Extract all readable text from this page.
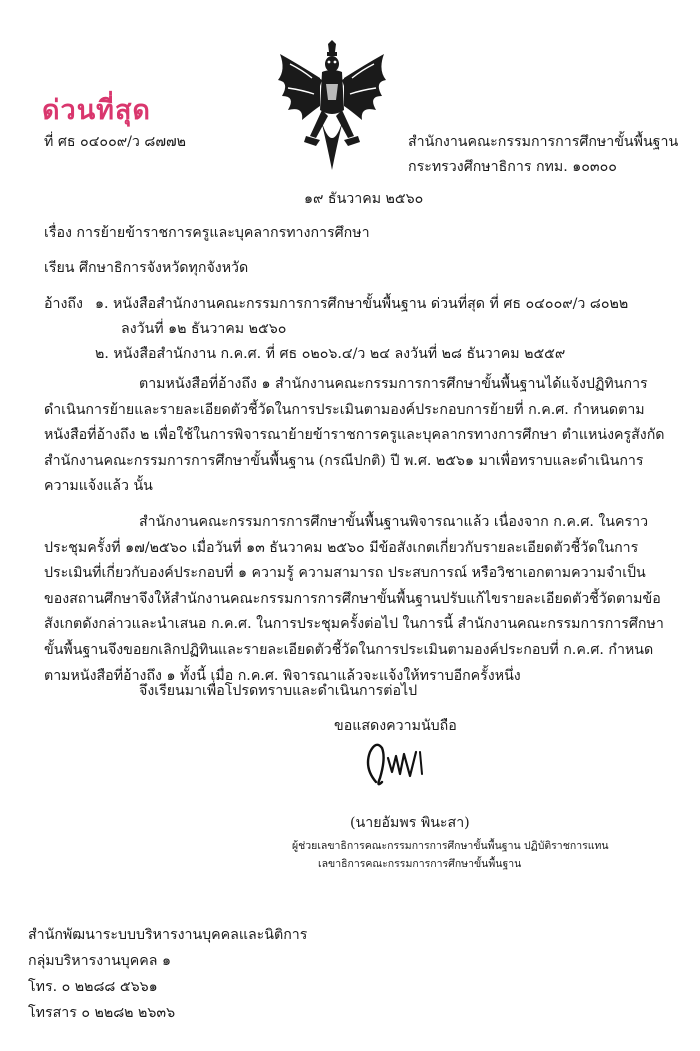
ด่วนที่สุด
ที่ ศธ ๐๔๐๐๙/ว ๘๗๗๒	สำนักงานคณะกรรมการการศึกษาขั้นพื้นฐาน
กระทรวงศึกษาธิการ กทม. ๑๐๓๐๐
๑๙ ธันวาคม ๒๕๖๐
เรื่อง การย้ายข้าราชการครูและบุคลากรทางการศึกษา
เรียน ศึกษาธิการจังหวัดทุกจังหวัด
อ้างถึง ๑. หนังสือสำนักงานคณะกรรมการการศึกษาขั้นพื้นฐาน ด่วนที่สุด ที่ ศธ ๐๔๐๐๙/ว ๘๐๒๒
ลงวันที่ ๑๒ ธันวาคม ๒๕๖๐
๒. หนังสือสำนักงาน ก.ค.ศ. ที่ ศธ ๐๒๐๖.๔/ว ๒๔ ลงวันที่ ๒๘ ธันวาคม ๒๕๕๙

ตามหนังสือที่อ้างถึง ๑ สำนักงานคณะกรรมการการศึกษาขั้นพื้นฐานได้แจ้งปฏิทินการดำเนินการย้ายและรายละเอียดตัวชี้วัดในการประเมินตามองค์ประกอบการย้ายที่ ก.ค.ศ. กำหนดตามหนังสือที่อ้างถึง ๒ เพื่อใช้ในการพิจารณาย้ายข้าราชการครูและบุคลากรทางการศึกษา ตำแหน่งครูสังกัดสำนักงานคณะกรรมการการศึกษาขั้นพื้นฐาน (กรณีปกติ) ปี พ.ศ. ๒๕๖๑ มาเพื่อทราบและดำเนินการความแจ้งแล้ว นั้น

สำนักงานคณะกรรมการการศึกษาขั้นพื้นฐานพิจารณาแล้ว เนื่องจาก ก.ค.ศ. ในคราวประชุมครั้งที่ ๑๗/๒๕๖๐ เมื่อวันที่ ๑๓ ธันวาคม ๒๕๖๐ มีข้อสังเกตเกี่ยวกับรายละเอียดตัวชี้วัดในการประเมินที่เกี่ยวกับองค์ประกอบที่ ๑ ความรู้ ความสามารถ ประสบการณ์ หรือวิชาเอกตามความจำเป็นของสถานศึกษาจึงให้สำนักงานคณะกรรมการการศึกษาขั้นพื้นฐานปรับแก้ไขรายละเอียดตัวชี้วัดตามข้อสังเกตดังกล่าวและนำเสนอ ก.ค.ศ. ในการประชุมครั้งต่อไป ในการนี้ สำนักงานคณะกรรมการการศึกษาขั้นพื้นฐานจึงขอยกเลิกปฏิทินและรายละเอียดตัวชี้วัดในการประเมินตามองค์ประกอบที่ ก.ค.ศ. กำหนด ตามหนังสือที่อ้างถึง ๑ ทั้งนี้ เมื่อ ก.ค.ศ. พิจารณาแล้วจะแจ้งให้ทราบอีกครั้งหนึ่ง

จึงเรียนมาเพื่อโปรดทราบและดำเนินการต่อไป
ขอแสดงความนับถือ
(นายอัมพร พินะสา)
ผู้ช่วยเลขาธิการคณะกรรมการการศึกษาขั้นพื้นฐาน ปฏิบัติราชการแทน
เลขาธิการคณะกรรมการการศึกษาขั้นพื้นฐาน
สำนักพัฒนาระบบบริหารงานบุคคลและนิติการ
กลุ่มบริหารงานบุคคล ๑
โทร. ๐ ๒๒๘๘ ๕๖๖๑
โทรสาร ๐ ๒๒๘๒ ๒๖๓๖
